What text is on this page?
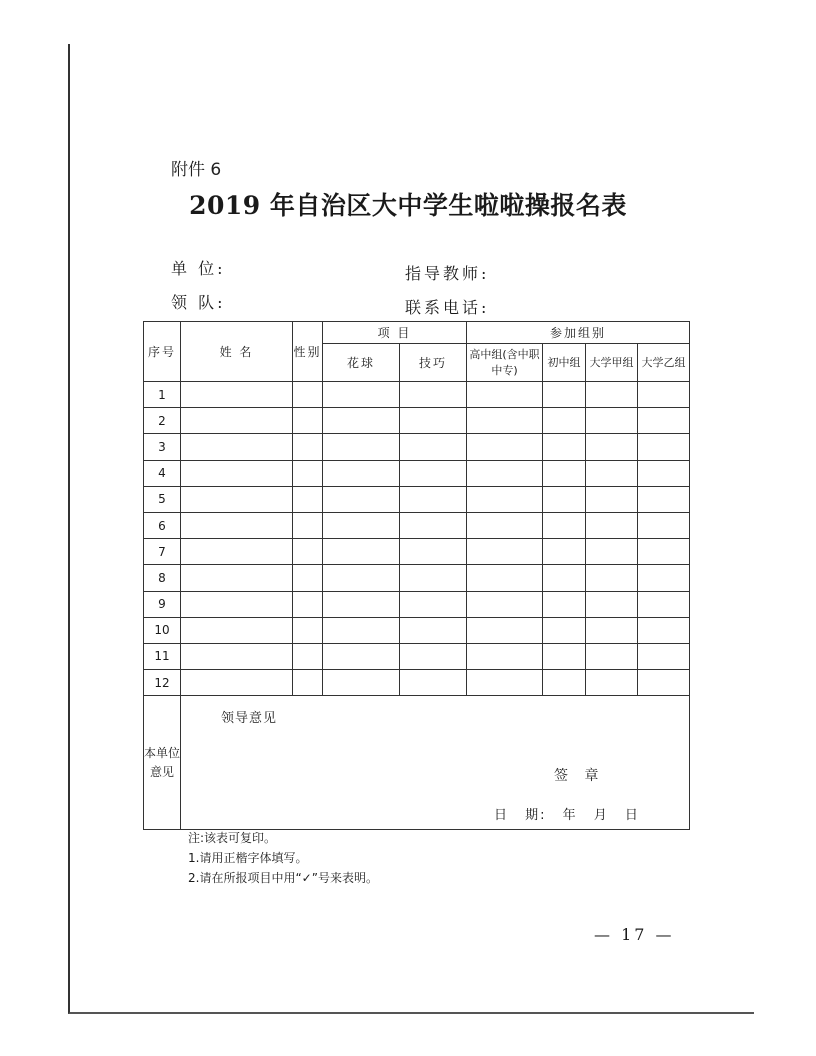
附件 6
2019 年自治区大中学生啦啦操报名表
单 位:	指导教师:
领 队:	联系电话:
序号	姓 名	性别	项 目		参加组别			
			花球	技巧	高中组(含中职中专)	初中组	大学甲组	大学乙组
1								
2								
3								
4								
5								
6								
7								
8								
9								
10								
11								
12								
本单位意见	领导意见
签 章
日 期: 年 月 日							
注:该表可复印。
1.请用正楷字体填写。
2.请在所报项目中用“✓”号来表明。
— 17 —
